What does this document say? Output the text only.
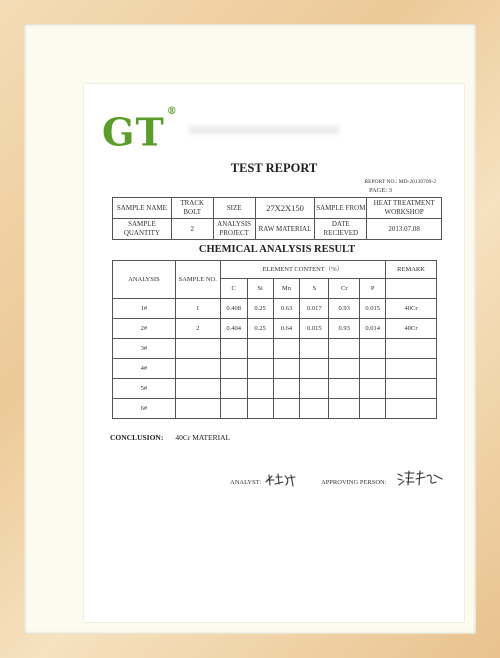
GT ®
TEST REPORT
REPORT NO.: MD-20130709-2
PAGE: 3
SAMPLE NAME	TRACK BOLT	SIZE	27X2X150	SAMPLE FROM	HEAT TREATMENT WORKSHOP
SAMPLE QUANTITY	2	ANALYSIS PROJECT	RAW MATERIAL	DATE RECIEVED	2013.07.08
CHEMICAL ANALYSIS RESULT
ANALYSIS	SAMPLE NO.	ELEMENT CONTENT（%）						REMARK
		C	Si	Mn	S	Cr	P	
1#	1	0.408	0.25	0.63	0.017	0.93	0.015	40Cr
2#	2	0.404	0.25	0.64	0.015	0.93	0.014	40Cr
3#								
4#								
5#								
6#								
CONCLUSION: 40Cr MATERIAL
ANALYST:	APPROVING PERSON:
